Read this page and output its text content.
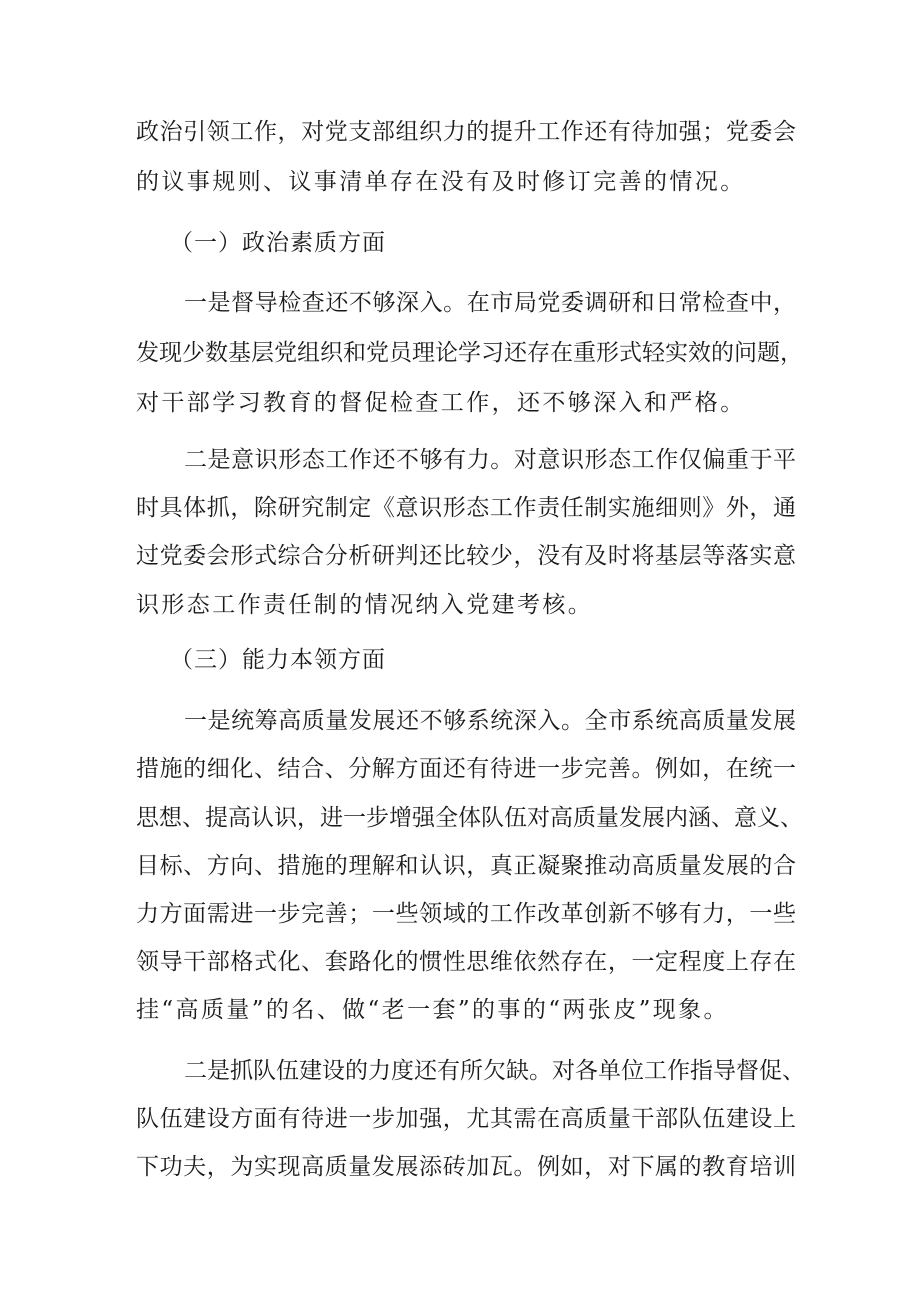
政治引领工作，对党支部组织力的提升工作还有待加强；党委会
的议事规则、议事清单存在没有及时修订完善的情况。
（一）政治素质方面
一是督导检查还不够深入。在市局党委调研和日常检查中，
发现少数基层党组织和党员理论学习还存在重形式轻实效的问题，
对干部学习教育的督促检查工作，还不够深入和严格。
二是意识形态工作还不够有力。对意识形态工作仅偏重于平
时具体抓，除研究制定《意识形态工作责任制实施细则》外，通
过党委会形式综合分析研判还比较少，没有及时将基层等落实意
识形态工作责任制的情况纳入党建考核。
（三）能力本领方面
一是统筹高质量发展还不够系统深入。全市系统高质量发展
措施的细化、结合、分解方面还有待进一步完善。例如，在统一
思想、提高认识，进一步增强全体队伍对高质量发展内涵、意义、
目标、方向、措施的理解和认识，真正凝聚推动高质量发展的合
力方面需进一步完善；一些领域的工作改革创新不够有力，一些
领导干部格式化、套路化的惯性思维依然存在，一定程度上存在
挂“高质量”的名、做“老一套”的事的“两张皮”现象。
二是抓队伍建设的力度还有所欠缺。对各单位工作指导督促、
队伍建设方面有待进一步加强，尤其需在高质量干部队伍建设上
下功夫，为实现高质量发展添砖加瓦。例如，对下属的教育培训
